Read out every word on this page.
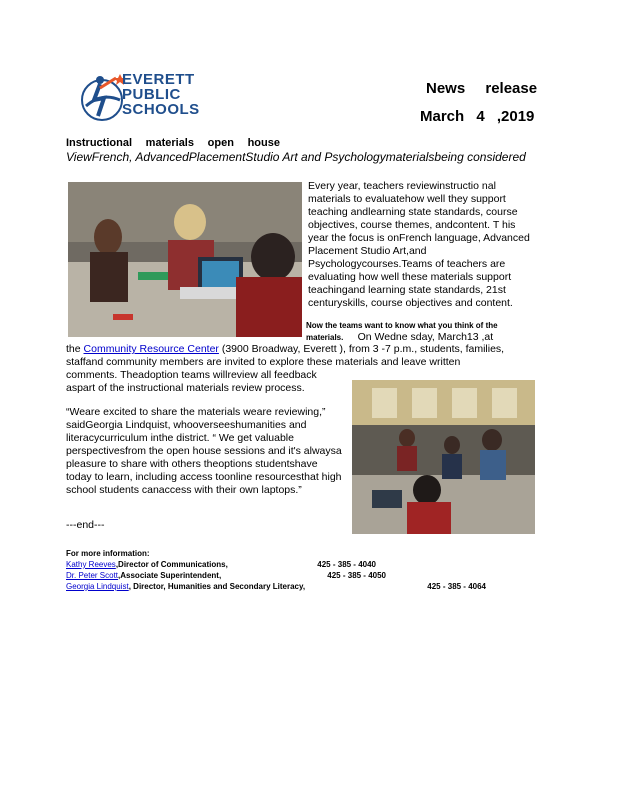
EVERETT
PUBLIC
SCHOOLS
News release
March 4 ,2019
Instructional materials open house
ViewFrench, AdvancedPlacementStudio Art and Psychologymaterialsbeing considered
Every year, teachers reviewinstructio nal materials to evaluatehow well they support teaching andlearning state standards, course objectives, course themes, andcontent. T his year the focus is onFrench language, Advanced Placement Studio Art,and Psychologycourses.Teams of teachers are evaluating how well these materials support teachingand learning state standards, 21st centuryskills, course objectives and content.
Now the teams want to know what you think of the materials. On Wedne sday, March13 ,at
the Community Resource Center (3900 Broadway, Everett ), from 3 -7 p.m., students, families, staffand community members are invited to explore these materials and leave written
comments. Theadoption teams willreview all feedback aspart of the instructional materials review process.
“Weare excited to share the materials weare reviewing,” saidGeorgia Lindquist, whooverseeshumanities and literacycurriculum inthe district. “ We get valuable perspectivesfrom the open house sessions and it's alwaysa pleasure to share with others theoptions studentshave today to learn, including access toonline resourcesthat high school students canaccess with their own laptops.”
---end---
For more information:
Kathy Reeves,Director of Communications,	425 - 385 - 4040
Dr. Peter Scott,Associate Superintendent,	425 - 385 - 4050
Georgia Lindquist, Director, Humanities and Secondary Literacy,	425 - 385 - 4064
